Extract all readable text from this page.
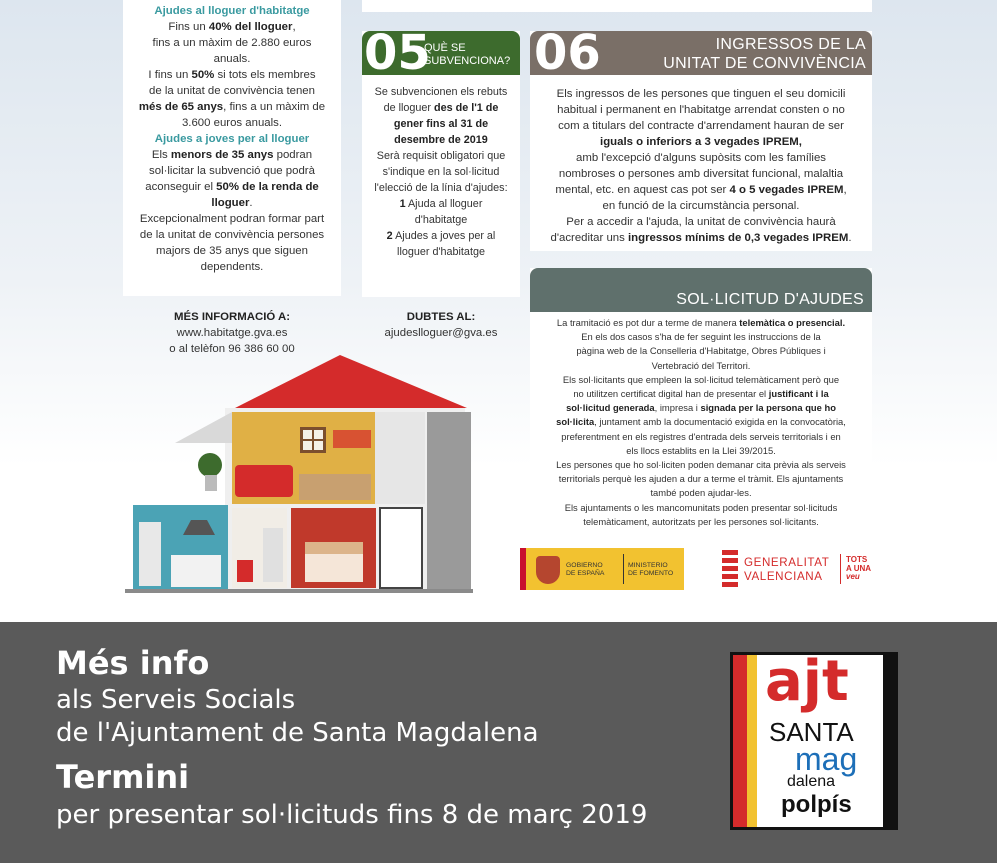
Ajudes al lloguer d'habitatge
Fins un 40% del lloguer,
fins a un màxim de 2.880 euros
anuals.
I fins un 50% si tots els membres
de la unitat de convivència tenen
més de 65 anys, fins a un màxim de
3.600 euros anuals.
Ajudes a joves per al lloguer
Els menors de 35 anys podran
sol·licitar la subvenció que podrà
aconseguir el 50% de la renda de
lloguer.
Excepcionalment podran formar part
de la unitat de convivència persones
majors de 35 anys que siguen
dependents.
05
QUÈ SE
SUBVENCIONA?
Se subvencionen els rebuts
de lloguer des de l'1 de
gener fins al 31 de
desembre de 2019
Serà requisit obligatori que
s'indique en la sol·licitud
l'elecció de la línia d'ajudes:
1 Ajuda al lloguer
d'habitatge
2 Ajudes a joves per al
lloguer d'habitatge
06	INGRESSOS DE LA
UNITAT DE CONVIVÈNCIA
Els ingressos de les persones que tinguen el seu domicili
habitual i permanent en l'habitatge arrendat consten o no
com a titulars del contracte d'arrendament hauran de ser
iguals o inferiors a 3 vegades IPREM,
amb l'excepció d'alguns supòsits com les famílies
nombroses o persones amb diversitat funcional, malaltia
mental, etc. en aquest cas pot ser 4 o 5 vegades IPREM,
en funció de la circumstància personal.
Per a accedir a l'ajuda, la unitat de convivència haurà
d'acreditar uns ingressos mínims de 0,3 vegades IPREM.
MÉS INFORMACIÓ A:
www.habitatge.gva.es
o al telèfon 96 386 60 00
DUBTES AL:
ajudeslloguer@gva.es
SOL·LICITUD D'AJUDES
La tramitació es pot dur a terme de manera telemàtica o presencial.
En els dos casos s'ha de fer seguint les instruccions de la
pàgina web de la Conselleria d'Habitatge, Obres Públiques i
Vertebració del Territori.
Els sol·licitants que empleen la sol·licitud telemàticament però que
no utilitzen certificat digital han de presentar el justificant i la
sol·licitud generada, impresa i signada per la persona que ho
sol·licita, juntament amb la documentació exigida en la convocatòria,
preferentment en els registres d'entrada dels serveis territorials i en
els llocs establits en la Llei 39/2015.
Les persones que ho sol·liciten poden demanar cita prèvia als serveis
territorials perquè les ajuden a dur a terme el tràmit. Els ajuntaments
també poden ajudar-les.
Els ajuntaments o les mancomunitats poden presentar sol·licituds
telemàticament, autoritzats per les persones sol·licitants.
GOBIERNO
DE ESPAÑA
MINISTERIO
DE FOMENTO
GENERALITAT
VALENCIANA
TOTS
A UNA
veu
Més info
als Serveis Socials
de l'Ajuntament de Santa Magdalena
Termini
per presentar sol·licituds fins 8 de març 2019
ajt
SANTA
mag
dalena
polpís
